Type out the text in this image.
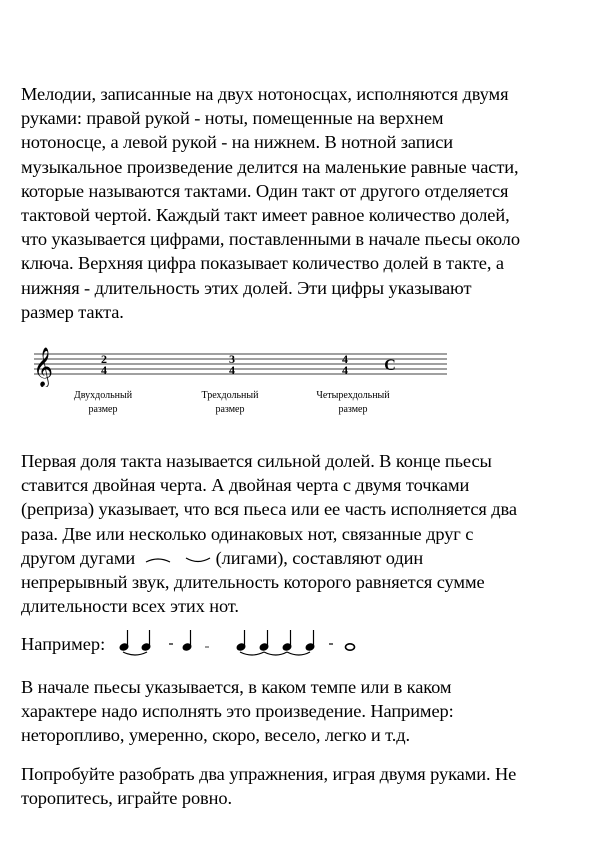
Мелодии, записанные на двух нотоносцах, исполняются двумя
руками: правой рукой - ноты, помещенные на верхнем
нотоносце, а левой рукой - на нижнем. В нотной записи
музыкальное произведение делится на маленькие равные части,
которые называются тактами. Один такт от другого отделяется
тактовой чертой. Каждый такт имеет равное количество долей,
что указывается цифрами, поставленными в начале пьесы около
ключа. Верхняя цифра показывает количество долей в такте, а
нижняя - длительность этих долей. Эти цифры указывают
размер такта.
𝄞	2
4
3
4
4
4 C
Двухдольный
размер
Трехдольный
размер
Четырехдольный
размер
Первая доля такта называется сильной долей. В конце пьесы
ставится двойная черта. А двойная черта с двумя точками
(реприза) указывает, что вся пьеса или ее часть исполняется два
раза. Две или несколько одинаковых нот, связанные друг с
другом дугами	(лигами), составляют один
непрерывный звук, длительность которого равняется сумме
длительности всех этих нот.
Например:
В начале пьесы указывается, в каком темпе или в каком
характере надо исполнять это произведение. Например:
неторопливо, умеренно, скоро, весело, легко и т.д.
Попробуйте разобрать два упражнения, играя двумя руками. Не
торопитесь, играйте ровно.
